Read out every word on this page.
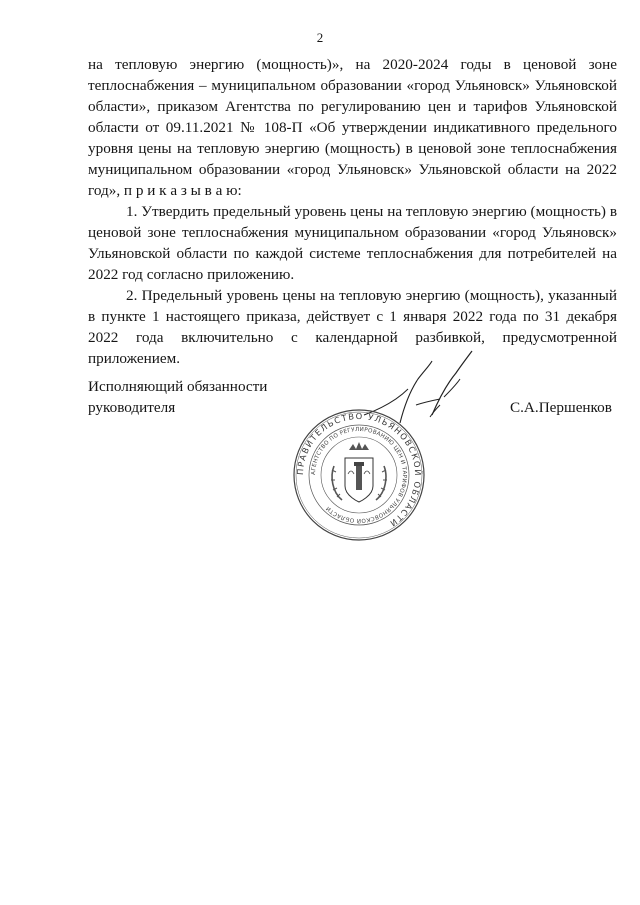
2

на тепловую энергию (мощность)», на 2020-2024 годы в ценовой зоне теплоснабжения – муниципальном образовании «город Ульяновск» Ульяновской области», приказом Агентства по регулированию цен и тарифов Ульяновской области от 09.11.2021 № 108-П «Об утверждении индикативного предельного уровня цены на тепловую энергию (мощность) в ценовой зоне теплоснабжения муниципальном образовании «город Ульяновск» Ульяновской области на 2022 год», п р и к а з ы в а ю:

1. Утвердить предельный уровень цены на тепловую энергию (мощность) в ценовой зоне теплоснабжения муниципальном образовании «город Ульяновск» Ульяновской области по каждой системе теплоснабжения для потребителей на 2022 год согласно приложению.

2. Предельный уровень цены на тепловую энергию (мощность), указанный в пункте 1 настоящего приказа, действует с 1 января 2022 года по 31 декабря 2022 года включительно с календарной разбивкой, предусмотренной приложением.

Исполняющий обязанности
руководителя	С.А.Першенков
ПРАВИТЕЛЬСТВО УЛЬЯНОВСКОЙ ОБЛАСТИ
АГЕНТСТВО ПО РЕГУЛИРОВАНИЮ ЦЕН И ТАРИФОВ УЛЬЯНОВСКОЙ ОБЛАСТИ
